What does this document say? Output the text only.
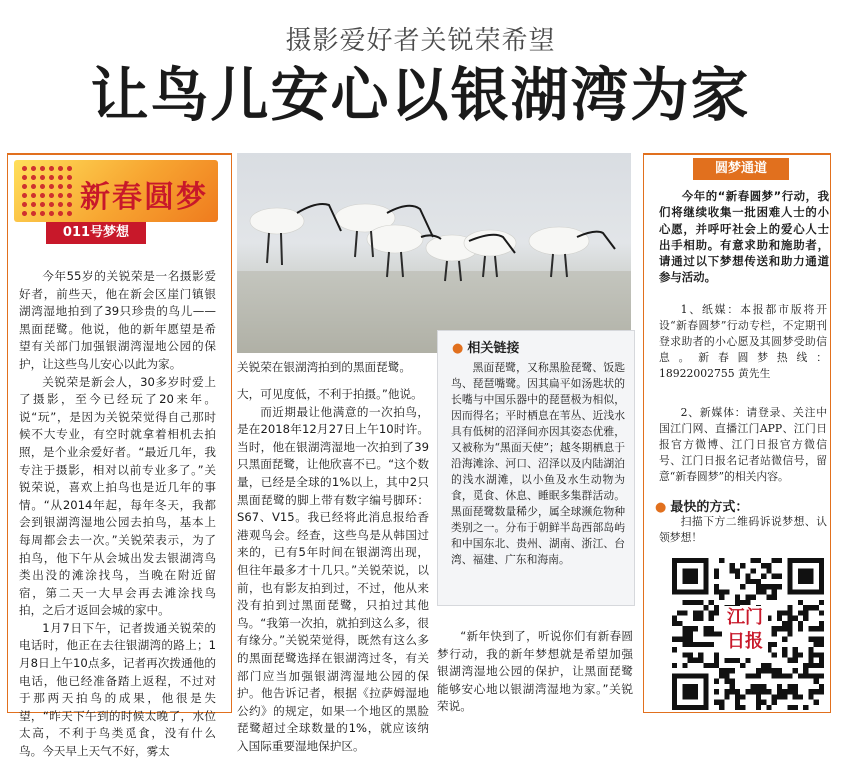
摄影爱好者关锐荣希望
让鸟儿安心以银湖湾为家
新春圆梦
011号梦想

今年55岁的关锐荣是一名摄影爱好者，前些天，他在新会区崖门镇银湖湾湿地拍到了39只珍贵的鸟儿——黑面琵鹭。他说，他的新年愿望是希望有关部门加强银湖湾湿地公园的保护，让这些鸟儿安心以此为家。

关锐荣是新会人，30多岁时爱上了摄影，至今已经玩了20来年。说“玩”，是因为关锐荣觉得自己那时候不大专业，有空时就拿着相机去拍照，是个业余爱好者。“最近几年，我专注于摄影，相对以前专业多了。”关锐荣说，喜欢上拍鸟也是近几年的事情。“从2014年起，每年冬天，我都会到银湖湾湿地公园去拍鸟，基本上每周都会去一次。”关锐荣表示，为了拍鸟，他下午从会城出发去银湖湾鸟类出没的滩涂找鸟，当晚在附近留宿，第二天一大早会再去滩涂找鸟拍，之后才返回会城的家中。

1月7日下午，记者拨通关锐荣的电话时，他正在去往银湖湾的路上；1月8日上午10点多，记者再次拨通他的电话，他已经准备踏上返程，不过对于那两天拍鸟的成果，他很是失望，“昨天下午到的时候太晚了，水位太高，不利于鸟类觅食，没有什么鸟。今天早上天气不好，雾太

关锐荣在银湖湾拍到的黑面琵鹭。

大，可见度低，不利于拍摄。”他说。

而近期最让他满意的一次拍鸟，是在2018年12月27日上午10时许。当时，他在银湖湾湿地一次拍到了39只黑面琵鹭，让他欣喜不已。“这个数量，已经是全球的1%以上，其中2只黑面琵鹭的脚上带有数字编号脚环：S67、V15。我已经将此消息报给香港观鸟会。经查，这些鸟是从韩国过来的，已有5年时间在银湖湾出现，但往年最多才十几只。”关锐荣说，以前，也有影友拍到过，不过，他从来没有拍到过黑面琵鹭，只拍过其他鸟。“我第一次拍，就拍到这么多，很有缘分。”关锐荣觉得，既然有这么多的黑面琵鹭选择在银湖湾过冬，有关部门应当加强银湖湾湿地公园的保护。他告诉记者，根据《拉萨姆湿地公约》的规定，如果一个地区的黑脸琵鹭超过全球数量的1%，就应该纳入国际重要湿地保护区。

● 相关链接
黑面琵鹭，又称黑脸琵鹭、饭匙鸟、琵琶嘴鹭。因其扁平如汤匙状的长嘴与中国乐器中的琵琶极为相似，因而得名；平时栖息在苇丛、近浅水具有低树的沼泽间亦因其姿态优雅，又被称为“黑面天使”；越冬期栖息于沿海滩涂、河口、沼泽以及内陆湖泊的浅水湖滩，以小鱼及水生动物为食，觅食、休息、睡眠多集群活动。黑面琵鹭数量稀少，属全球濒危物种类别之一。分布于朝鲜半岛西部岛屿和中国东北、贵州、湖南、浙江、台湾、福建、广东和海南。

“新年快到了，听说你们有新春圆梦行动，我的新年梦想就是希望加强银湖湾湿地公园的保护，让黑面琵鹭能够安心地以银湖湾湿地为家。”关锐荣说。

圆梦通道
今年的“新春圆梦”行动，我们将继续收集一批困难人士的小心愿，并呼吁社会上的爱心人士出手相助。有意求助和施助者，请通过以下梦想传送和助力通道参与活动。
1、纸媒：本报都市版将开设“新春圆梦”行动专栏，不定期刊登求助者的小心愿及其圆梦受助信息。新春圆梦热线：18922002755 黄先生
2、新媒体：请登录、关注中国江门网、直播江门APP、江门日报官方微博、江门日报官方微信号、江门日报名记者站微信号，留意“新春圆梦”的相关内容。
● 最快的方式：
扫描下方二维码诉说梦想、认领梦想！
江门
日报
